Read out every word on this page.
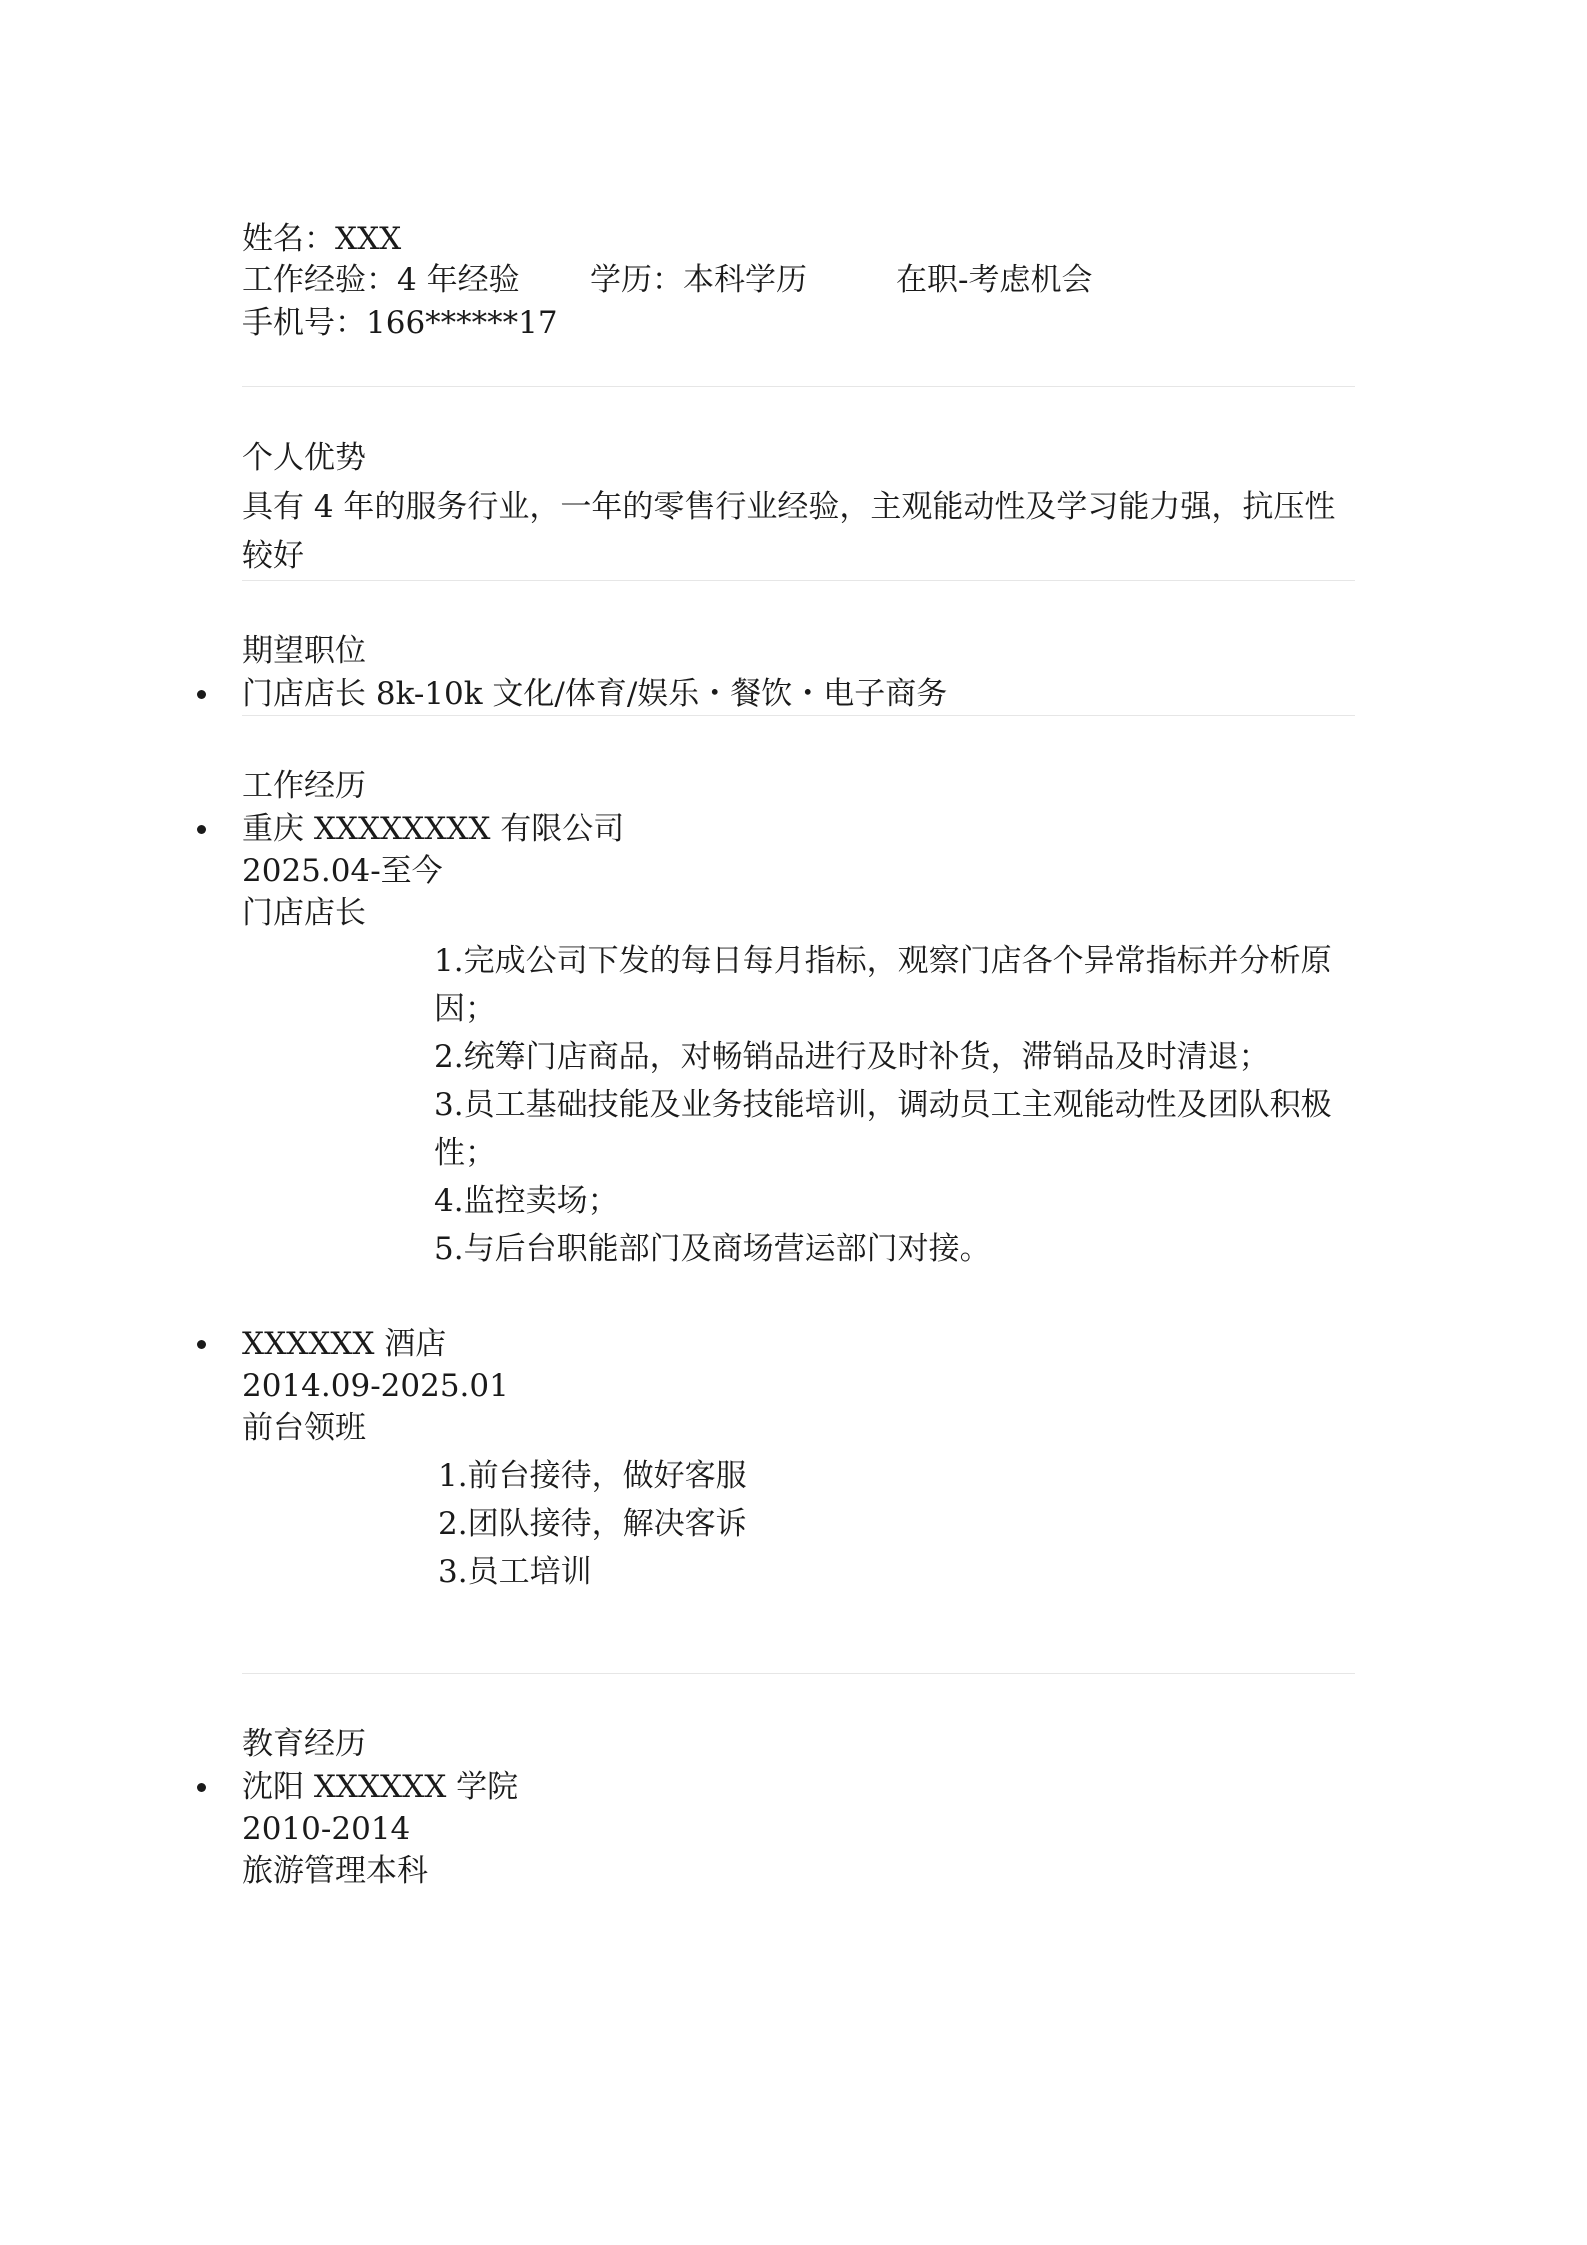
姓名：XXX
工作经验：4 年经验 学历：本科学历	在职-考虑机会
手机号：166******17
个人优势
具有 4 年的服务行业，一年的零售行业经验，主观能动性及学习能力强，抗压性
较好
期望职位
门店店长 8k-10k 文化/体育/娱乐・餐饮・电子商务
工作经历
重庆 XXXXXXXX 有限公司
2025.04-至今
门店店长
1.完成公司下发的每日每月指标，观察门店各个异常指标并分析原
因；
2.统筹门店商品，对畅销品进行及时补货，滞销品及时清退；
3.员工基础技能及业务技能培训，调动员工主观能动性及团队积极
性；
4.监控卖场；
5.与后台职能部门及商场营运部门对接。
XXXXXX 酒店
2014.09-2025.01
前台领班
1.前台接待，做好客服
2.团队接待，解决客诉
3.员工培训
教育经历
沈阳 XXXXXX 学院
2010-2014
旅游管理本科
